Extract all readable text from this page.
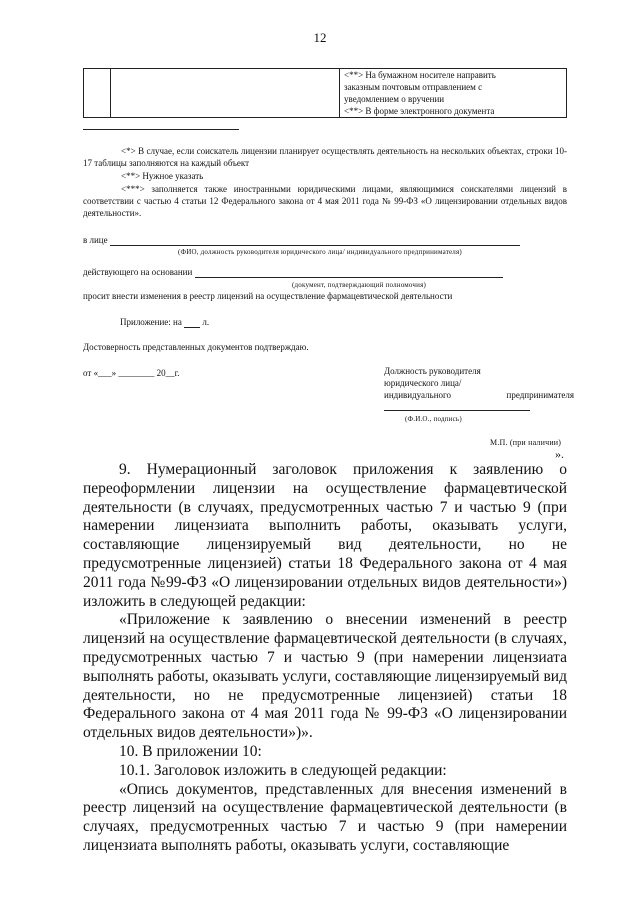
12

<**> На бумажном носителе направить
заказным почтовым отправлением с
уведомлением о вручении
<**> В форме электронного документа

<*> В случае, если соискатель лицензии планирует осуществлять деятельность на нескольких объектах, строки 10-17 таблицы заполняются на каждый объект

<**> Нужное указать

<***> заполняется также иностранными юридическими лицами, являющимися соискателями лицензий в соответствии с частью 4 статьи 12 Федерального закона от 4 мая 2011 года № 99-ФЗ «О лицензировании отдельных видов деятельности».

в лице
(ФИО, должность руководителя юридического лица/ индивидуального предпринимателя)
действующего на основании
(документ, подтверждающий полномочия)
просит внести изменения в реестр лицензий на осуществление фармацевтической деятельности
Приложение: на л.
Достоверность представленных документов подтверждаю.
от «___» ________ 20__г.	Должность руководителя
юридического лица/
индивидуального предпринимателя
(Ф.И.О., подпись)
М.П. (при наличии)
».

9. Нумерационный заголовок приложения к заявлению о переоформлении лицензии на осуществление фармацевтической деятельности (в случаях, предусмотренных частью 7 и частью 9 (при намерении лицензиата выполнить работы, оказывать услуги, составляющие лицензируемый вид деятельности, но не предусмотренные лицензией) статьи 18 Федерального закона от 4 мая 2011 года №99-ФЗ «О лицензировании отдельных видов деятельности») изложить в следующей редакции:

«Приложение к заявлению о внесении изменений в реестр лицензий на осуществление фармацевтической деятельности (в случаях, предусмотренных частью 7 и частью 9 (при намерении лицензиата выполнять работы, оказывать услуги, составляющие лицензируемый вид деятельности, но не предусмотренные лицензией) статьи 18 Федерального закона от 4 мая 2011 года № 99-ФЗ «О лицензировании отдельных видов деятельности»)».

10. В приложении 10:

10.1. Заголовок изложить в следующей редакции:

«Опись документов, представленных для внесения изменений в реестр лицензий на осуществление фармацевтической деятельности (в случаях, предусмотренных частью 7 и частью 9 (при намерении лицензиата выполнять работы, оказывать услуги, составляющие
